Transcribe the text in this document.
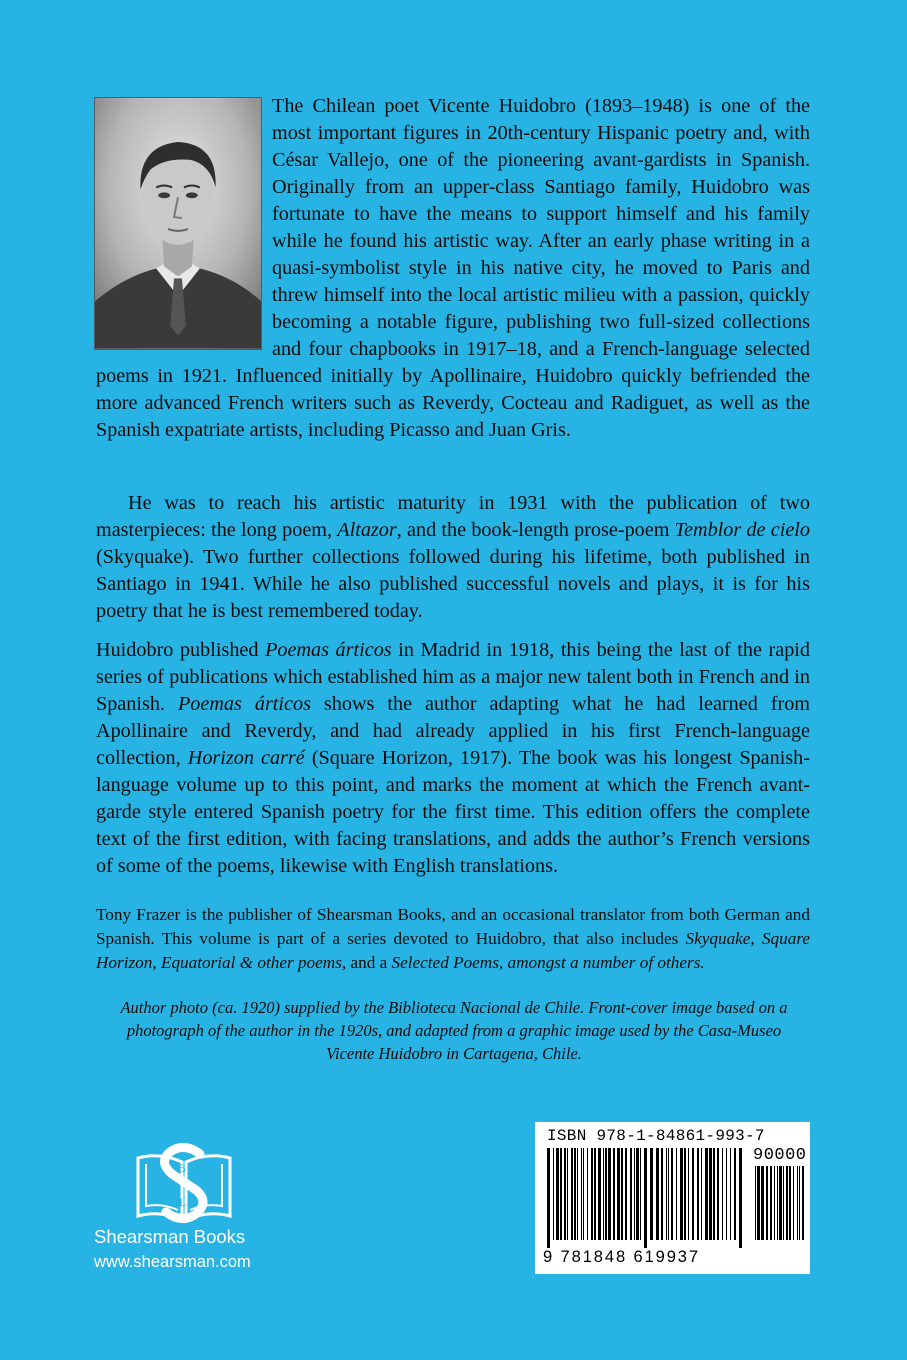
The Chilean poet Vicente Huidobro (1893–1948) is one of the most important figures in 20th-century Hispanic poetry and, with César Vallejo, one of the pioneering avant-gardists in Spanish. Originally from an upper-class Santiago family, Huidobro was fortunate to have the means to support himself and his family while he found his artistic way. After an early phase writing in a quasi-symbolist style in his native city, he moved to Paris and threw himself into the local artistic milieu with a passion, quickly becoming a notable figure, publishing two full-sized collections and four chapbooks in 1917–18, and a French-language selected poems in 1921. Influenced initially by Apollinaire, Huidobro quickly befriended the more advanced French writers such as Reverdy, Cocteau and Radiguet, as well as the Spanish expatriate artists, including Picasso and Juan Gris.

He was to reach his artistic maturity in 1931 with the publication of two masterpieces: the long poem, Altazor, and the book-length prose-poem Temblor de cielo (Skyquake). Two further collections followed during his lifetime, both published in Santiago in 1941. While he also published successful novels and plays, it is for his poetry that he is best remembered today.

Huidobro published Poemas árticos in Madrid in 1918, this being the last of the rapid series of publications which established him as a major new talent both in French and in Spanish. Poemas árticos shows the author adapting what he had learned from Apollinaire and Reverdy, and had already applied in his first French-language collection, Horizon carré (Square Horizon, 1917). The book was his longest Spanish-language volume up to this point, and marks the moment at which the French avant-garde style entered Spanish poetry for the first time. This edition offers the complete text of the first edition, with facing translations, and adds the author’s French versions of some of the poems, likewise with English translations.

Tony Frazer is the publisher of Shearsman Books, and an occasional translator from both German and Spanish. This volume is part of a series devoted to Huidobro, that also includes Skyquake, Square Horizon, Equatorial & other poems, and a Selected Poems, amongst a number of others.

Author photo (ca. 1920) supplied by the Biblioteca Nacional de Chile. Front-cover image based on a photograph of the author in the 1920s, and adapted from a graphic image used by the Casa-Museo Vicente Huidobro in Cartagena, Chile.

B
L
Shearsman Books
www.shearsman.com
ISBN 978-1-84861-993-7
90000
9 781848 619937
